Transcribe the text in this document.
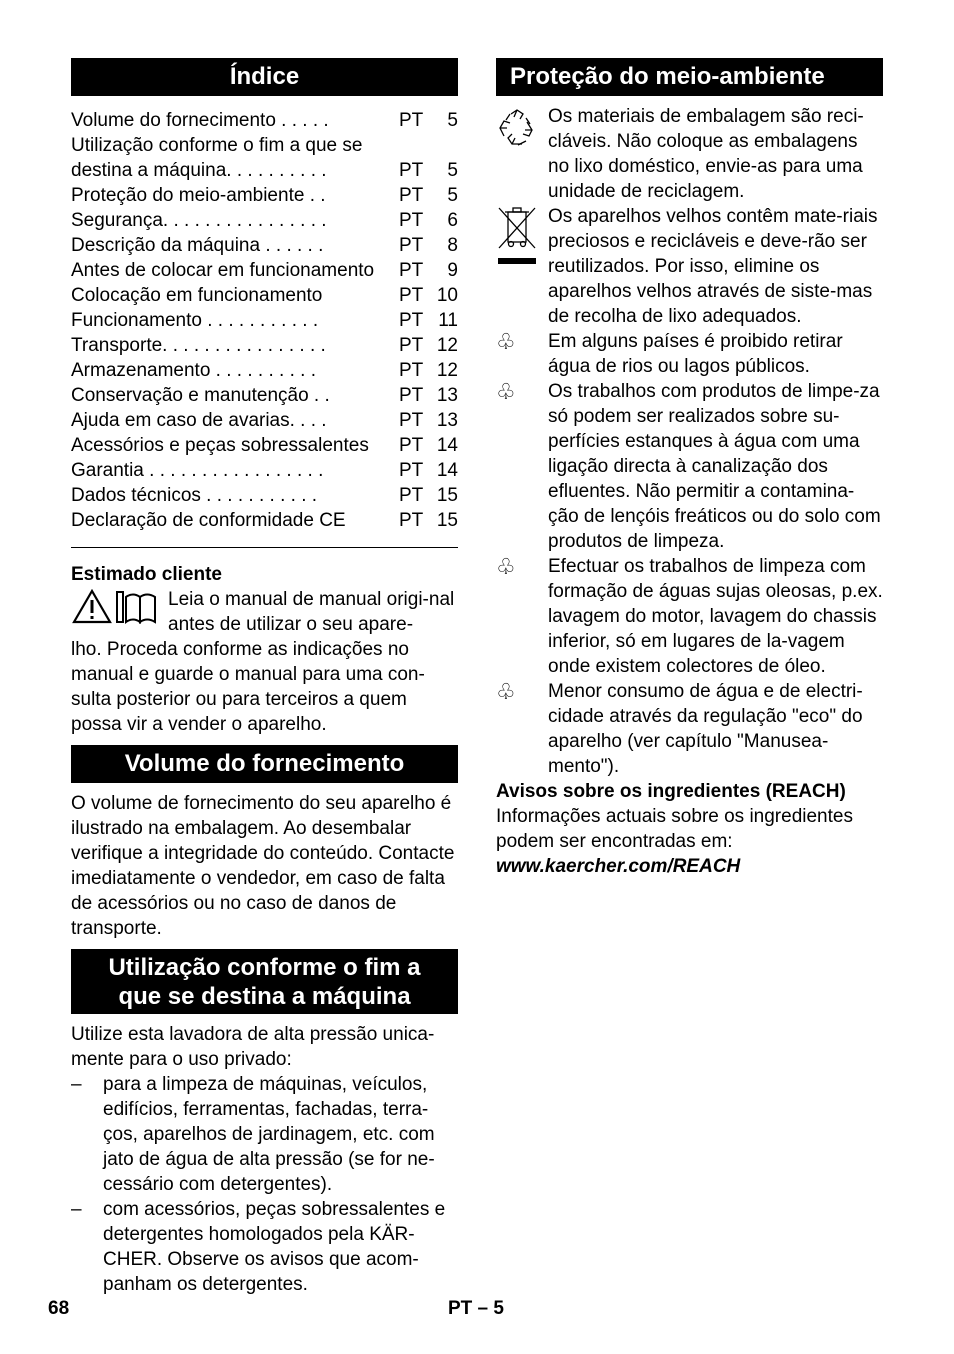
Índice
Volume do fornecimento . . . . .	PT 5
Utilização conforme o fim a que se destina a máquina. . . . . . . . . .	PT 5
Proteção do meio-ambiente . .	PT 5
Segurança. . . . . . . . . . . . . . . .	PT 6
Descrição da máquina . . . . . .	PT 8
Antes de colocar em funcionamento PT 9
Colocação em funcionamento	PT 10
Funcionamento . . . . . . . . . . .	PT 11
Transporte. . . . . . . . . . . . . . . .	PT 12
Armazenamento . . . . . . . . . .	PT 12
Conservação e manutenção . .	PT 13
Ajuda em caso de avarias. . . .	PT 13
Acessórios e peças sobressalentes PT 14
Garantia . . . . . . . . . . . . . . . . .	PT 14
Dados técnicos . . . . . . . . . . .	PT 15
Declaração de conformidade CE	PT 15
Estimado cliente

Leia o manual de manual origi-nal antes de utilizar o seu apare-

lho. Proceda conforme as indicações no manual e guarde o manual para uma con-sulta posterior ou para terceiros a quem possa vir a vender o aparelho.

Volume do fornecimento

O volume de fornecimento do seu aparelho é ilustrado na embalagem. Ao desembalar verifique a integridade do conteúdo. Contacte imediatamente o vendedor, em caso de falta de acessórios ou no caso de danos de transporte.

Utilização conforme o fim a
que se destina a máquina

Utilize esta lavadora de alta pressão unica-mente para o uso privado:

– para a limpeza de máquinas, veículos, edifícios, ferramentas, fachadas, terra-ços, aparelhos de jardinagem, etc. com jato de água de alta pressão (se for ne-cessário com detergentes).
– com acessórios, peças sobressalentes e detergentes homologados pela KÄR-CHER. Observe os avisos que acom-panham os detergentes.
Proteção do meio-ambiente

Os materiais de embalagem são reci-cláveis. Não coloque as embalagens no lixo doméstico, envie-as para uma unidade de reciclagem.

Os aparelhos velhos contêm mate-riais preciosos e recicláveis e deve-rão ser reutilizados. Por isso, elimine os aparelhos velhos através de siste-mas de recolha de lixo adequados.

♧ Em alguns países é proibido retirar água de rios ou lagos públicos.

♧ Os trabalhos com produtos de limpe-za só podem ser realizados sobre su-perfícies estanques à água com uma ligação directa à canalização dos efluentes. Não permitir a contamina-ção de lençóis freáticos ou do solo com produtos de limpeza.

♧ Efectuar os trabalhos de limpeza com formação de águas sujas oleosas, p.ex. lavagem do motor, lavagem do chassis inferior, só em lugares de la-vagem onde existem colectores de óleo.

♧ Menor consumo de água e de electri-cidade através da regulação "eco" do aparelho (ver capítulo "Manusea-mento").

Avisos sobre os ingredientes (REACH)

Informações actuais sobre os ingredientes podem ser encontradas em:

www.kaercher.com/REACH

68	PT – 5
